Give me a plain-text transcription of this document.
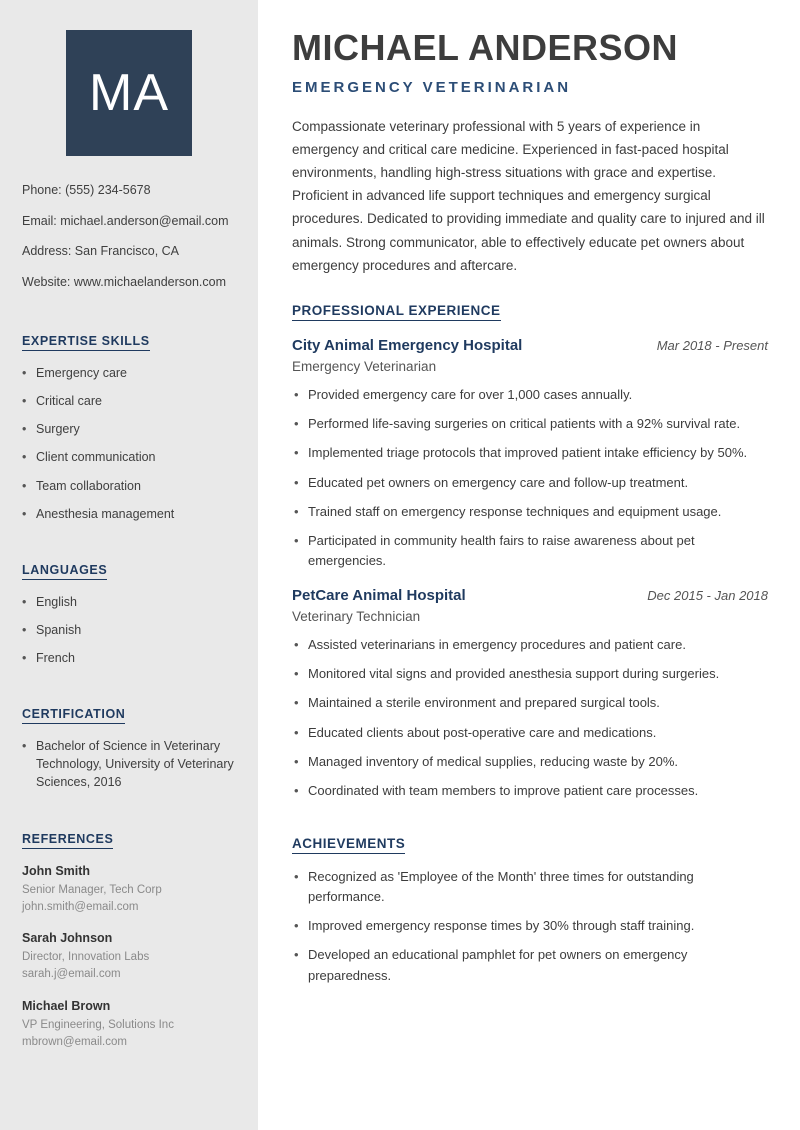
MA

Phone: (555) 234-5678

Email: michael.anderson@email.com

Address: San Francisco, CA

Website: www.michaelanderson.com

EXPERTISE SKILLS
• Emergency care
• Critical care
• Surgery
• Client communication
• Team collaboration
• Anesthesia management
LANGUAGES
• English
• Spanish
• French
CERTIFICATION
• Bachelor of Science in Veterinary Technology, University of Veterinary Sciences, 2016
REFERENCES
John Smith
Senior Manager, Tech Corp
john.smith@email.com
Sarah Johnson
Director, Innovation Labs
sarah.j@email.com
Michael Brown
VP Engineering, Solutions Inc
mbrown@email.com
MICHAEL ANDERSON
EMERGENCY VETERINARIAN

Compassionate veterinary professional with 5 years of experience in emergency and critical care medicine. Experienced in fast-paced hospital environments, handling high-stress situations with grace and expertise. Proficient in advanced life support techniques and emergency surgical procedures. Dedicated to providing immediate and quality care to injured and ill animals. Strong communicator, able to effectively educate pet owners about emergency procedures and aftercare.

PROFESSIONAL EXPERIENCE
City Animal Emergency Hospital	Mar 2018 - Present
Emergency Veterinarian
• Provided emergency care for over 1,000 cases annually.
• Performed life-saving surgeries on critical patients with a 92% survival rate.
• Implemented triage protocols that improved patient intake efficiency by 50%.
• Educated pet owners on emergency care and follow-up treatment.
• Trained staff on emergency response techniques and equipment usage.
• Participated in community health fairs to raise awareness about pet emergencies.
PetCare Animal Hospital	Dec 2015 - Jan 2018
Veterinary Technician
• Assisted veterinarians in emergency procedures and patient care.
• Monitored vital signs and provided anesthesia support during surgeries.
• Maintained a sterile environment and prepared surgical tools.
• Educated clients about post-operative care and medications.
• Managed inventory of medical supplies, reducing waste by 20%.
• Coordinated with team members to improve patient care processes.
ACHIEVEMENTS
• Recognized as 'Employee of the Month' three times for outstanding performance.
• Improved emergency response times by 30% through staff training.
• Developed an educational pamphlet for pet owners on emergency preparedness.
